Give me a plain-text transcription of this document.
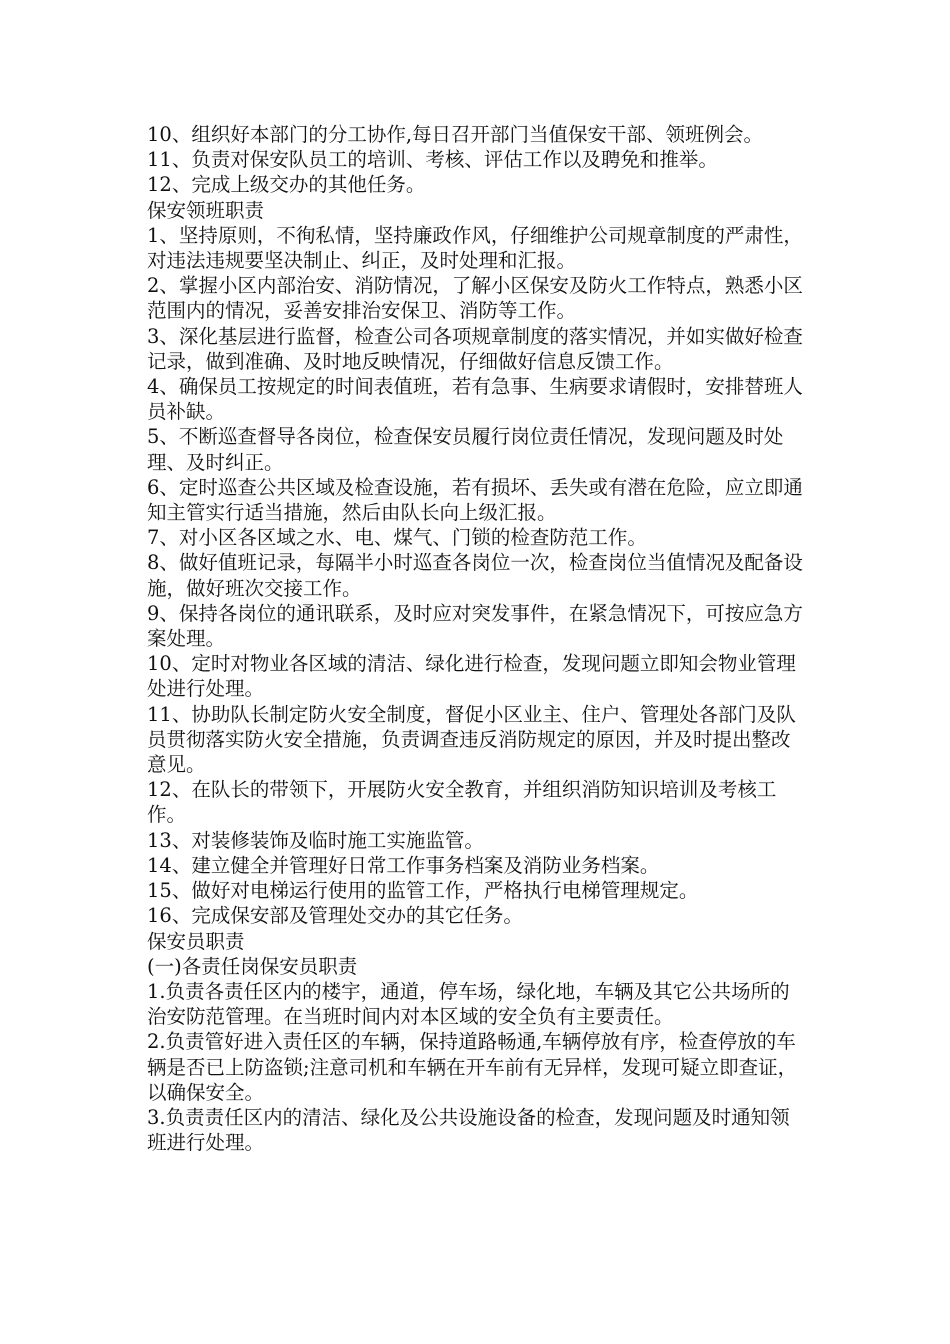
10、组织好本部门的分工协作,每日召开部门当值保安干部、领班例会。

11、负责对保安队员工的培训、考核、评估工作以及聘免和推举。

12、完成上级交办的其他任务。

保安领班职责

1、坚持原则，不徇私情，坚持廉政作风，仔细维护公司规章制度的严肃性，对违法违规要坚决制止、纠正，及时处理和汇报。

2、掌握小区内部治安、消防情况，了解小区保安及防火工作特点，熟悉小区范围内的情况，妥善安排治安保卫、消防等工作。

3、深化基层进行监督，检查公司各项规章制度的落实情况，并如实做好检查记录，做到准确、及时地反映情况，仔细做好信息反馈工作。

4、确保员工按规定的时间表值班，若有急事、生病要求请假时，安排替班人员补缺。

5、不断巡查督导各岗位，检查保安员履行岗位责任情况，发现问题及时处理、及时纠正。

6、定时巡查公共区域及检查设施，若有损坏、丢失或有潜在危险，应立即通知主管实行适当措施，然后由队长向上级汇报。

7、对小区各区域之水、电、煤气、门锁的检查防范工作。

8、做好值班记录，每隔半小时巡查各岗位一次，检查岗位当值情况及配备设施，做好班次交接工作。

9、保持各岗位的通讯联系，及时应对突发事件，在紧急情况下，可按应急方案处理。

10、定时对物业各区域的清洁、绿化进行检查，发现问题立即知会物业管理处进行处理。

11、协助队长制定防火安全制度，督促小区业主、住户、管理处各部门及队员贯彻落实防火安全措施，负责调查违反消防规定的原因，并及时提出整改意见。

12、在队长的带领下，开展防火安全教育，并组织消防知识培训及考核工作。

13、对装修装饰及临时施工实施监管。

14、建立健全并管理好日常工作事务档案及消防业务档案。

15、做好对电梯运行使用的监管工作，严格执行电梯管理规定。

16、完成保安部及管理处交办的其它任务。

保安员职责

(一)各责任岗保安员职责

1.负责各责任区内的楼宇，通道，停车场，绿化地，车辆及其它公共场所的治安防范管理。在当班时间内对本区域的安全负有主要责任。

2.负责管好进入责任区的车辆，保持道路畅通,车辆停放有序，检查停放的车辆是否已上防盗锁;注意司机和车辆在开车前有无异样，发现可疑立即查证，以确保安全。

3.负责责任区内的清洁、绿化及公共设施设备的检查，发现问题及时通知领班进行处理。
